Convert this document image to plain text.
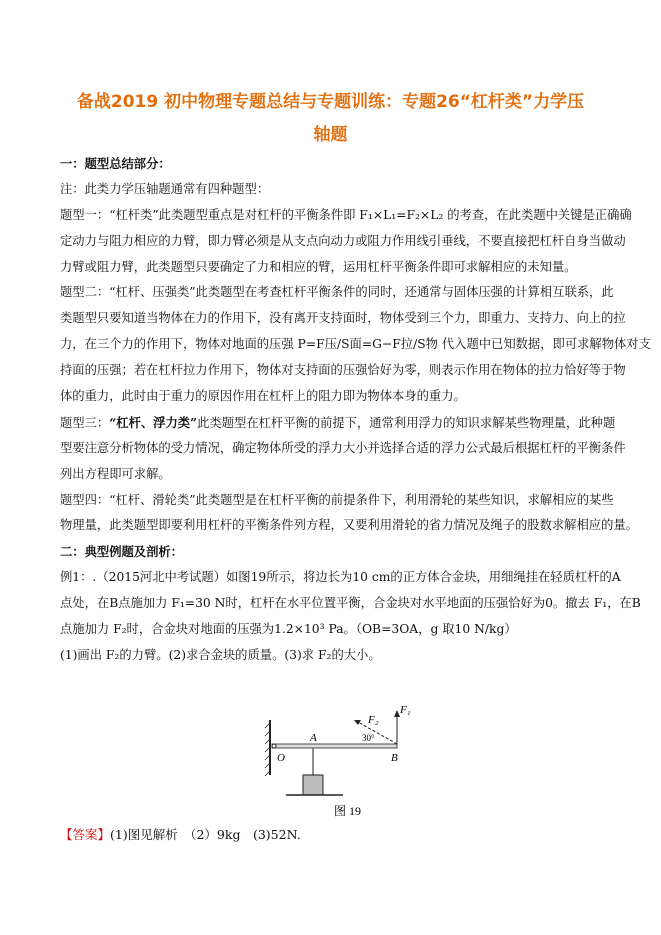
备战2019 初中物理专题总结与专题训练：专题26“杠杆类”力学压
轴题
一：题型总结部分：
注：此类力学压轴题通常有四种题型：
题型一：“杠杆类”此类题型重点是对杠杆的平衡条件即 F₁×L₁=F₂×L₂ 的考查，在此类题中关键是正确确
定动力与阻力相应的力臂，即力臂必须是从支点向动力或阻力作用线引垂线，不要直接把杠杆自身当做动
力臂或阻力臂，此类题型只要确定了力和相应的臂，运用杠杆平衡条件即可求解相应的未知量。
题型二：“杠杆、压强类”此类题型在考查杠杆平衡条件的同时，还通常与固体压强的计算相互联系，此
类题型只要知道当物体在力的作用下，没有离开支持面时，物体受到三个力，即重力、支持力、向上的拉
力，在三个力的作用下，物体对地面的压强 P=F压/S面=G−F拉/S物 代入题中已知数据，即可求解物体对支
持面的压强；若在杠杆拉力作用下，物体对支持面的压强恰好为零，则表示作用在物体的拉力恰好等于物
体的重力，此时由于重力的原因作用在杠杆上的阻力即为物体本身的重力。
题型三：“杠杆、浮力类”此类题型在杠杆平衡的前提下，通常利用浮力的知识求解某些物理量，此种题
型要注意分析物体的受力情况，确定物体所受的浮力大小并选择合适的浮力公式最后根据杠杆的平衡条件
列出方程即可求解。
题型四：“杠杆、滑轮类”此类题型是在杠杆平衡的前提条件下，利用滑轮的某些知识，求解相应的某些
物理量，此类题型即要利用杠杆的平衡条件列方程，又要利用滑轮的省力情况及绳子的股数求解相应的量。
二：典型例题及剖析：
例1：.（2015河北中考试题）如图19所示，将边长为10 cm的正方体合金块，用细绳挂在轻质杠杆的A
点处，在B点施加力 F₁=30 N时，杠杆在水平位置平衡，合金块对水平地面的压强恰好为0。撤去 F₁，在B
点施加力 F₂时，合金块对地面的压强为1.2×10³ Pa。（OB=3OA，g 取10 N/kg）
(1)画出 F₂的力臂。(2)求合金块的质量。(3)求 F₂的大小。
F₁
F₂
30°
A
O	B
图 19
【答案】(1)图见解析　（2）9kg　(3)52N.
